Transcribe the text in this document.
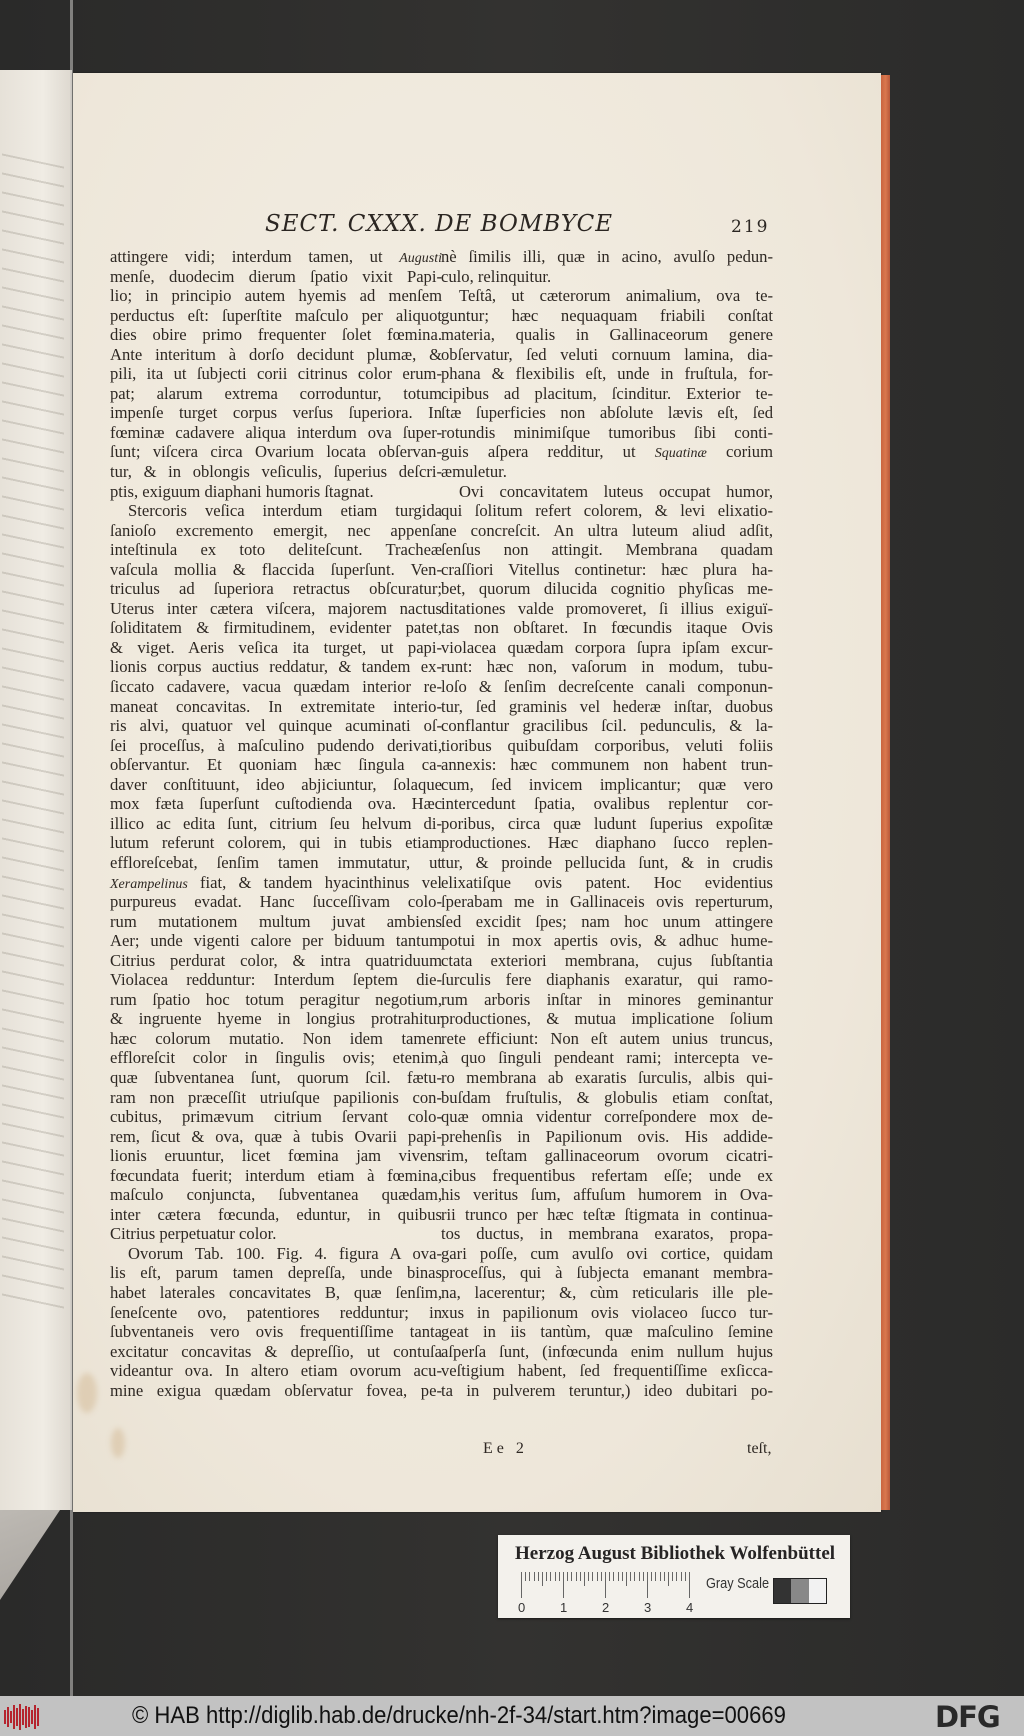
SECT. CXXX. DE BOMBYCE	219
attingere vidi; interdum tamen, ut Augusti
menſe, duodecim dierum ſpatio vixit Papi-
lio; in principio autem hyemis ad menſem
perductus eſt: ſuperſtite maſculo per aliquot
dies obire primo frequenter ſolet fœmina.
Ante interitum à dorſo decidunt plumæ, &
pili, ita ut ſubjecti corii citrinus color erum-
pat; alarum extrema corroduntur, totum
impenſe turget corpus verſus ſuperiora. In
fœminæ cadavere aliqua interdum ova ſuper-
ſunt; viſcera circa Ovarium locata obſervan-
tur, & in oblongis veſiculis, ſuperius deſcri-
ptis, exiguum diaphani humoris ſtagnat.
Stercoris veſica interdum etiam turgida
ſanioſo excremento emergit, nec appenſa
inteſtinula ex toto deliteſcunt. Tracheæ
vaſcula mollia & flaccida ſuperſunt. Ven-
triculus ad ſuperiora retractus obſcuratur;
Uterus inter cætera viſcera, majorem nactus
ſoliditatem & firmitudinem, evidenter patet,
& viget. Aeris veſica ita turget, ut papi-
lionis corpus auctius reddatur, & tandem ex-
ſiccato cadavere, vacua quædam interior re-
maneat concavitas. In extremitate interio-
ris alvi, quatuor vel quinque acuminati oſ-
ſei proceſſus, à maſculino pudendo derivati,
obſervantur. Et quoniam hæc ſingula ca-
daver conſtituunt, ideo abjiciuntur, ſolaque
mox fæta ſuperſunt cuſtodienda ova. Hæc
illico ac edita ſunt, citrium ſeu helvum di-
lutum referunt colorem, qui in tubis etiam
effloreſcebat, ſenſim tamen immutatur, ut
Xerampelinus fiat, & tandem hyacinthinus vel
purpureus evadat. Hanc ſucceſſivam colo-
rum mutationem multum juvat ambiens
Aer; unde vigenti calore per biduum tantum
Citrius perdurat color, & intra quatriduum
Violacea redduntur: Interdum ſeptem die-
rum ſpatio hoc totum peragitur negotium,
& ingruente hyeme in longius protrahitur
hæc colorum mutatio. Non idem tamen
effloreſcit color in ſingulis ovis; etenim,
quæ ſubventanea ſunt, quorum ſcil. fætu-
ram non præceſſit utriuſque papilionis con-
cubitus, primævum citrium ſervant colo-
rem, ſicut & ova, quæ à tubis Ovarii papi-
lionis eruuntur, licet fœmina jam vivens
fœcundata fuerit; interdum etiam à fœmina,
maſculo conjuncta, ſubventanea quædam,
inter cætera fœcunda, eduntur, in quibus
Citrius perpetuatur color.
Ovorum Tab. 100. Fig. 4. figura A ova-
lis eſt, parum tamen depreſſa, unde binas
habet laterales concavitates B, quæ ſenſim,
ſeneſcente ovo, patentiores redduntur; in
ſubventaneis vero ovis frequentiſſime tanta
excitatur concavitas & depreſſio, ut contuſa
videantur ova. In altero etiam ovorum acu-
mine exigua quædam obſervatur fovea, pe-
nè ſimilis illi, quæ in acino, avulſo pedun-
culo, relinquitur.
Teſtâ, ut cæterorum animalium, ova te-
guntur; hæc nequaquam friabili conſtat
materia, qualis in Gallinaceorum genere
obſervatur, ſed veluti cornuum lamina, dia-
phana & flexibilis eſt, unde in fruſtula, for-
cipibus ad placitum, ſcinditur. Exterior te-
ſtæ ſuperficies non abſolute lævis eſt, ſed
rotundis minimiſque tumoribus ſibi conti-
guis aſpera redditur, ut Squatinæ corium
æmuletur.
Ovi concavitatem luteus occupat humor,
qui ſolitum refert colorem, & levi elixatio-
ne concreſcit. An ultra luteum aliud adſit,
ſenſus non attingit. Membrana quadam
craſſiori Vitellus continetur: hæc plura ha-
bet, quorum dilucida cognitio phyſicas me-
ditationes valde promoveret, ſi illius exiguï-
tas non obſtaret. In fœcundis itaque Ovis
violacea quædam corpora ſupra ipſam excur-
runt: hæc non, vaſorum in modum, tubu-
loſo & ſenſim decreſcente canali componun-
tur, ſed graminis vel hederæ inſtar, duobus
conflantur gracilibus ſcil. pedunculis, & la-
tioribus quibuſdam corporibus, veluti foliis
annexis: hæc communem non habent trun-
cum, ſed invicem implicantur; quæ vero
intercedunt ſpatia, ovalibus replentur cor-
poribus, circa quæ ludunt ſuperius expoſitæ
productiones. Hæc diaphano ſucco replen-
tur, & proinde pellucida ſunt, & in crudis
elixatiſque ovis patent. Hoc evidentius
ſperabam me in Gallinaceis ovis reperturum,
ſed excidit ſpes; nam hoc unum attingere
potui in mox apertis ovis, & adhuc hume-
ctata exteriori membrana, cujus ſubſtantia
ſurculis fere diaphanis exaratur, qui ramo-
rum arboris inſtar in minores geminantur
productiones, & mutua implicatione ſolium
rete efficiunt: Non eſt autem unius truncus,
à quo ſinguli pendeant rami; intercepta ve-
ro membrana ab exaratis ſurculis, albis qui-
buſdam fruſtulis, & globulis etiam conſtat,
quæ omnia videntur correſpondere mox de-
prehenſis in Papilionum ovis. His addide-
rim, teſtam gallinaceorum ovorum cicatri-
cibus frequentibus refertam eſſe; unde ex
his veritus ſum, affuſum humorem in Ova-
rii trunco per hæc teſtæ ſtigmata in continua-
tos ductus, in membrana exaratos, propa-
gari poſſe, cum avulſo ovi cortice, quidam
proceſſus, qui à ſubjecta emanant membra-
na, lacerentur; &, cùm reticularis ille ple-
xus in papilionum ovis violaceo ſucco tur-
geat in iis tantùm, quæ maſculino ſemine
aſperſa ſunt, (infœcunda enim nullum hujus
veſtigium habent, ſed frequentiſſime exſicca-
ta in pulverem teruntur,) ideo dubitari po-
Ee 2	teſt,
Herzog August Bibliothek Wolfenbüttel
0	1	2	3	4
Gray Scale
© HAB http://diglib.hab.de/drucke/nh-2f-34/start.htm?image=00669	DFG
